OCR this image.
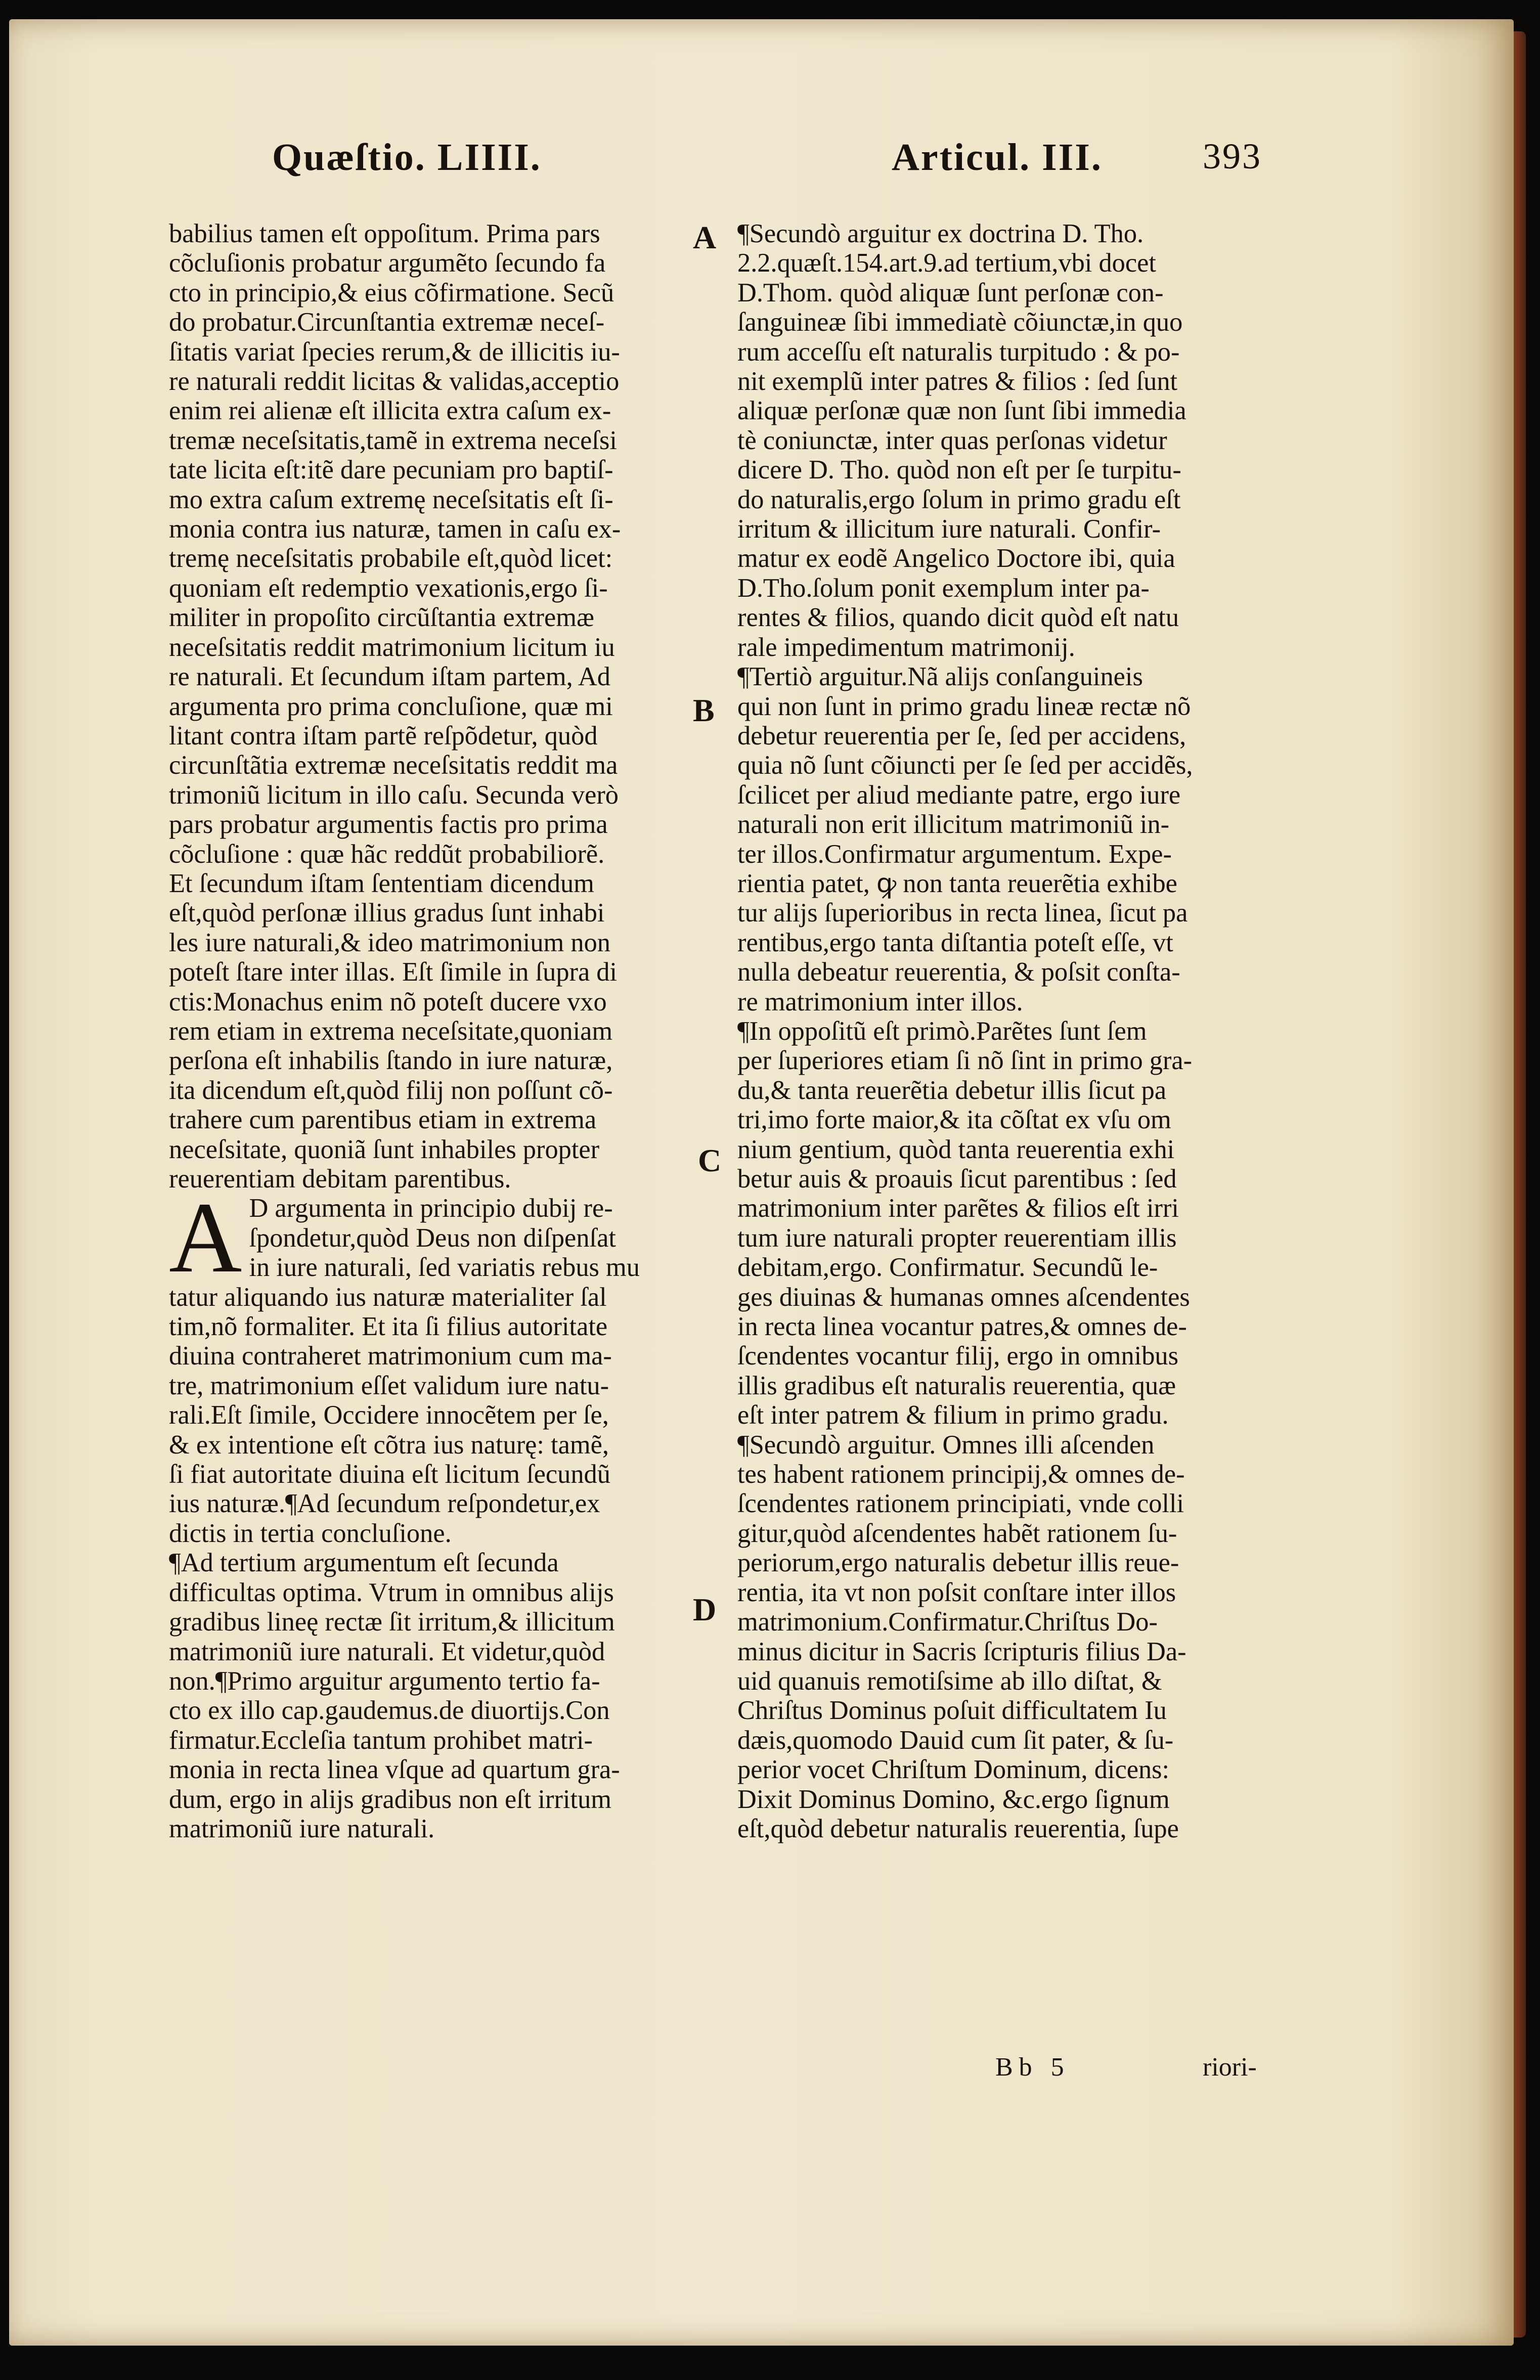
Quæſtio. LIIII.	Articul. III.	393

babilius tamen eſt oppoſitum. Prima pars

cõcluſionis probatur argumẽto ſecundo fa

cto in principio,& eius cõfirmatione. Secũ

do probatur.Circunſtantia extremæ neceſ-

ſitatis variat ſpecies rerum,& de illicitis iu-

re naturali reddit licitas & validas,acceptio

enim rei alienæ eſt illicita extra caſum ex-

tremæ neceſsitatis,tamẽ in extrema neceſsi

tate licita eſt:itẽ dare pecuniam pro baptiſ-

mo extra caſum extremę neceſsitatis eſt ſi-

monia contra ius naturæ, tamen in caſu ex-

tremę neceſsitatis probabile eſt,quòd licet:

quoniam eſt redemptio vexationis,ergo ſi-

militer in propoſito circũſtantia extremæ

neceſsitatis reddit matrimonium licitum iu

re naturali. Et ſecundum iſtam partem, Ad

argumenta pro prima concluſione, quæ mi

litant contra iſtam partẽ reſpõdetur, quòd

circunſtãtia extremæ neceſsitatis reddit ma

trimoniũ licitum in illo caſu. Secunda verò

pars probatur argumentis factis pro prima

cõcluſione : quæ hãc reddũt probabiliorẽ.

Et ſecundum iſtam ſententiam dicendum

eſt,quòd perſonæ illius gradus ſunt inhabi

les iure naturali,& ideo matrimonium non

poteſt ſtare inter illas. Eſt ſimile in ſupra di

ctis:Monachus enim nõ poteſt ducere vxo

rem etiam in extrema neceſsitate,quoniam

perſona eſt inhabilis ſtando in iure naturæ,

ita dicendum eſt,quòd filij non poſſunt cõ-

trahere cum parentibus etiam in extrema

neceſsitate, quoniã ſunt inhabiles propter

reuerentiam debitam parentibus.

A D argumenta in principio dubij re-

ſpondetur,quòd Deus non diſpenſat

in iure naturali, ſed variatis rebus mu

tatur aliquando ius naturæ materialiter ſal

tim,nõ formaliter. Et ita ſi filius autoritate

diuina contraheret matrimonium cum ma-

tre, matrimonium eſſet validum iure natu-

rali.Eſt ſimile, Occidere innocẽtem per ſe,

& ex intentione eſt cõtra ius naturę: tamẽ,

ſi fiat autoritate diuina eſt licitum ſecundũ

ius naturæ.¶Ad ſecundum reſpondetur,ex

dictis in tertia concluſione.

¶Ad tertium argumentum eſt ſecunda

difficultas optima. Vtrum in omnibus alijs

gradibus lineę rectæ ſit irritum,& illicitum

matrimoniũ iure naturali. Et videtur,quòd

non.¶Primo arguitur argumento tertio fa-

cto ex illo cap.gaudemus.de diuortijs.Con

firmatur.Eccleſia tantum prohibet matri-

monia in recta linea vſque ad quartum gra-

dum, ergo in alijs gradibus non eſt irritum

matrimoniũ iure naturali.

¶Secundò arguitur ex doctrina D. Tho.

2.2.quæſt.154.art.9.ad tertium,vbi docet

D.Thom. quòd aliquæ ſunt perſonæ con-

ſanguineæ ſibi immediatè cõiunctæ,in quo

rum acceſſu eſt naturalis turpitudo : & po-

nit exemplũ inter patres & filios : ſed ſunt

aliquæ perſonæ quæ non ſunt ſibi immedia

tè coniunctæ, inter quas perſonas videtur

dicere D. Tho. quòd non eſt per ſe turpitu-

do naturalis,ergo ſolum in primo gradu eſt

irritum & illicitum iure naturali. Confir-

matur ex eodẽ Angelico Doctore ibi, quia

D.Tho.ſolum ponit exemplum inter pa-

rentes & filios, quando dicit quòd eſt natu

rale impedimentum matrimonij.

¶Tertiò arguitur.Nã alijs conſanguineis

qui non ſunt in primo gradu lineæ rectæ nõ

debetur reuerentia per ſe, ſed per accidens,

quia nõ ſunt cõiuncti per ſe ſed per accidẽs,

ſcilicet per aliud mediante patre, ergo iure

naturali non erit illicitum matrimoniũ in-

ter illos.Confirmatur argumentum. Expe-

rientia patet, ꝙ non tanta reuerẽtia exhibe

tur alijs ſuperioribus in recta linea, ſicut pa

rentibus,ergo tanta diſtantia poteſt eſſe, vt

nulla debeatur reuerentia, & poſsit conſta-

re matrimonium inter illos.

¶In oppoſitũ eſt primò.Parẽtes ſunt ſem

per ſuperiores etiam ſi nõ ſint in primo gra-

du,& tanta reuerẽtia debetur illis ſicut pa

tri,imo forte maior,& ita cõſtat ex vſu om

nium gentium, quòd tanta reuerentia exhi

betur auis & proauis ſicut parentibus : ſed

matrimonium inter parẽtes & filios eſt irri

tum iure naturali propter reuerentiam illis

debitam,ergo. Confirmatur. Secundũ le-

ges diuinas & humanas omnes aſcendentes

in recta linea vocantur patres,& omnes de-

ſcendentes vocantur filij, ergo in omnibus

illis gradibus eſt naturalis reuerentia, quæ

eſt inter patrem & filium in primo gradu.

¶Secundò arguitur. Omnes illi aſcenden

tes habent rationem principij,& omnes de-

ſcendentes rationem principiati, vnde colli

gitur,quòd aſcendentes habẽt rationem ſu-

periorum,ergo naturalis debetur illis reue-

rentia, ita vt non poſsit conſtare inter illos

matrimonium.Confirmatur.Chriſtus Do-

minus dicitur in Sacris ſcripturis filius Da-

uid quanuis remotiſsime ab illo diſtat, &

Chriſtus Dominus poſuit difficultatem Iu

dæis,quomodo Dauid cum ſit pater, & ſu-

perior vocet Chriſtum Dominum, dicens:

Dixit Dominus Domino, &c.ergo ſignum

eſt,quòd debetur naturalis reuerentia, ſupe

A
B
C
D
Bb 5	riori-
